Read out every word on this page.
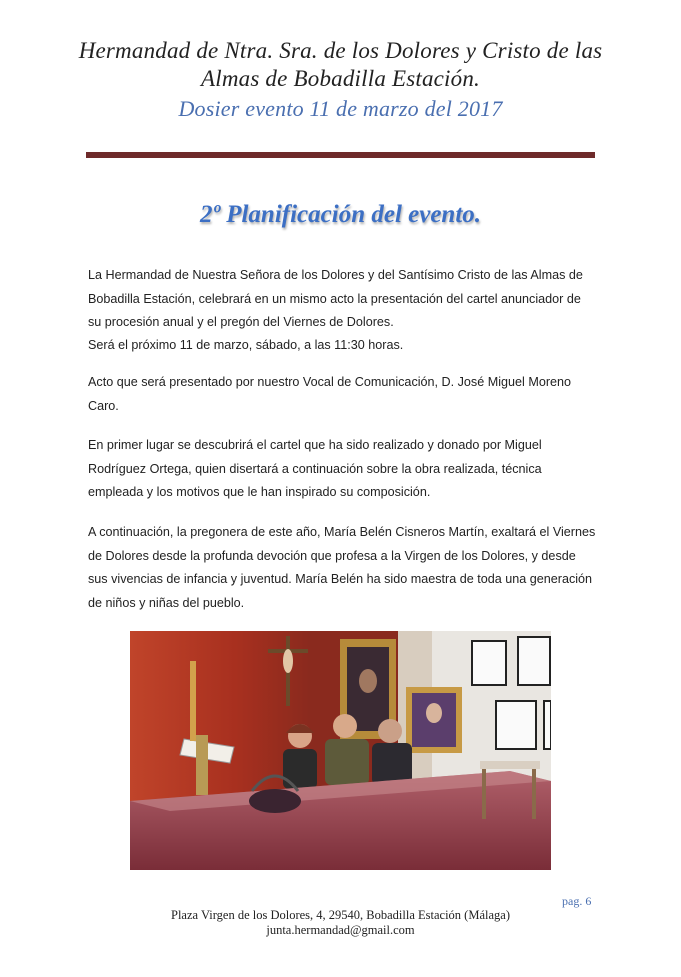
Hermandad de Ntra. Sra. de los Dolores y Cristo de las
Almas de Bobadilla Estación.
Dosier evento 11 de marzo del 2017
2º Planificación del evento.

La Hermandad de Nuestra Señora de los Dolores y del Santísimo Cristo de las Almas de Bobadilla Estación, celebrará en un mismo acto la presentación del cartel anunciador de su procesión anual y el pregón del Viernes de Dolores.

Será el próximo 11 de marzo, sábado, a las 11:30 horas.

Acto que será presentado por nuestro Vocal de Comunicación, D. José Miguel Moreno Caro.

En primer lugar se descubrirá el cartel que ha sido realizado y donado por Miguel Rodríguez Ortega, quien disertará a continuación sobre la obra realizada, técnica empleada y los motivos que le han inspirado su composición.

A continuación, la pregonera de este año, María Belén Cisneros Martín, exaltará el Viernes de Dolores desde la profunda devoción que profesa a la Virgen de los Dolores, y desde sus vivencias de infancia y juventud. María Belén ha sido maestra de toda una generación de niños y niñas del pueblo.

pag. 6
Plaza Virgen de los Dolores, 4, 29540, Bobadilla Estación (Málaga)
junta.hermandad@gmail.com
